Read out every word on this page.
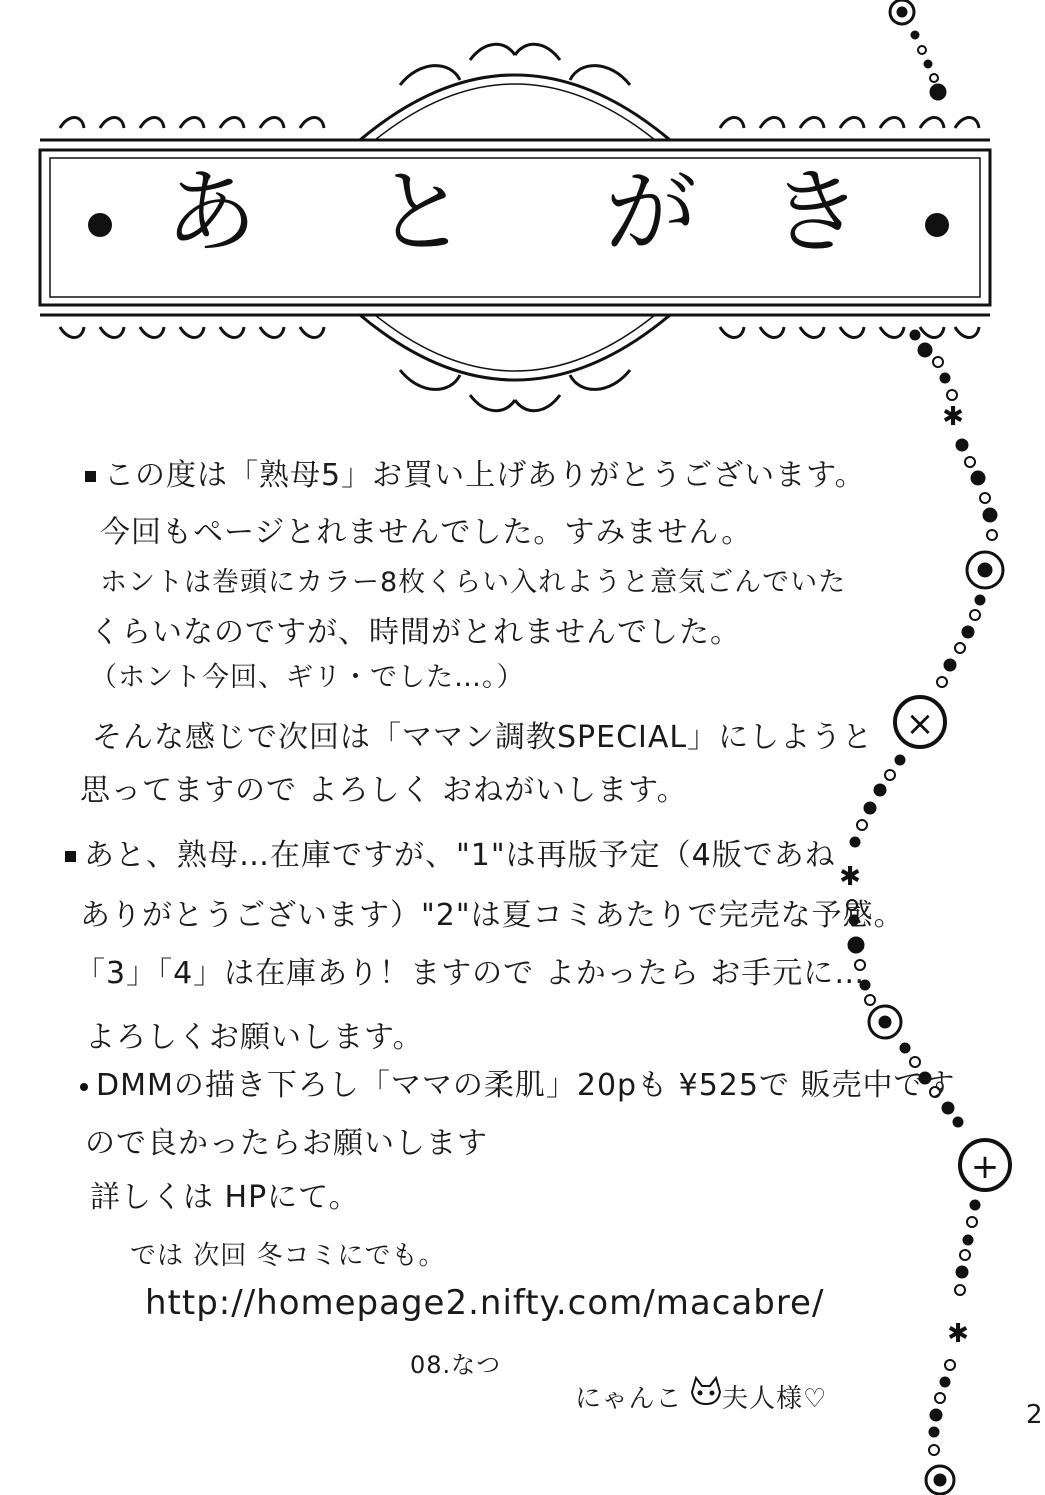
✱
×
✱
+
✱
あ と が き
この度は「熟母5」お買い上げありがとうございます。
今回もページとれませんでした。すみません。
ホントは巻頭にカラー8枚くらい入れようと意気ごんでいた
くらいなのですが、時間がとれませんでした。
（ホント今回、ギリ・でした…。）
そんな感じで次回は「ママン調教SPECIAL」にしようと
思ってますので よろしく おねがいします。
あと、熟母…在庫ですが、"1"は再版予定（4版であね
ありがとうございます）"2"は夏コミあたりで完売な予感。
「3」「4」は在庫あり！ますので よかったら お手元に…
よろしくお願いします。
DMMの描き下ろし「ママの柔肌」20pも ¥525で 販売中です
ので良かったらお願いします
詳しくは HPにて。
では 次回 冬コミにでも。
http://homepage2.nifty.com/macabre/
08.なつ
にゃんこ 夫人様♡
2
